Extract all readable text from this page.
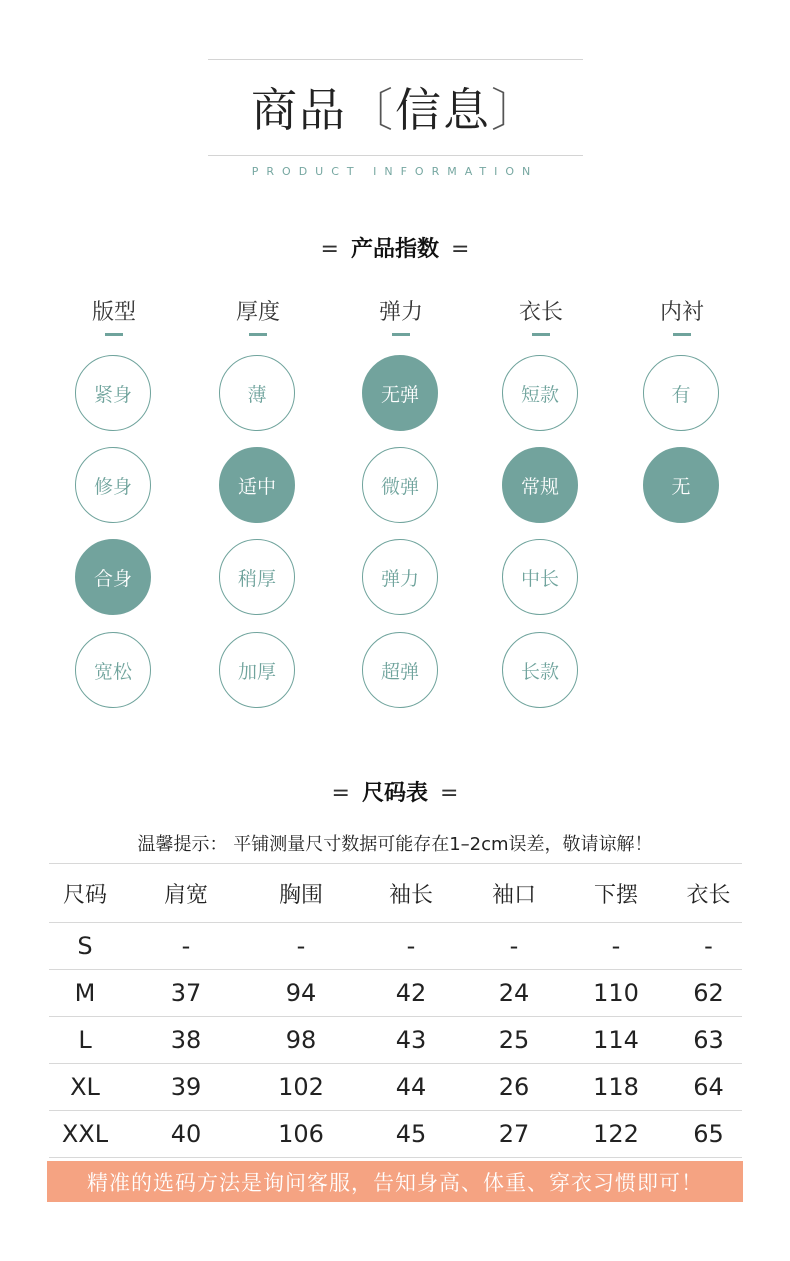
商品〔信息〕
PRODUCT INFORMATION
= 产品指数 =
版型	厚度	弹力	衣长	内衬
紧身
修身
合身
宽松
薄
适中
稍厚
加厚
无弹
微弹
弹力
超弹
短款
常规
中长
长款
有
无
= 尺码表 =
温馨提示： 平铺测量尺寸数据可能存在1–2cm误差，敬请谅解！
尺码	肩宽	胸围	袖长	袖口	下摆	衣长
S	-	-	-	-	-	-
M	37	94	42	24	110	62
L	38	98	43	25	114	63
XL	39	102	44	26	118	64
XXL	40	106	45	27	122	65
精准的选码方法是询问客服，告知身高、体重、穿衣习惯即可！
